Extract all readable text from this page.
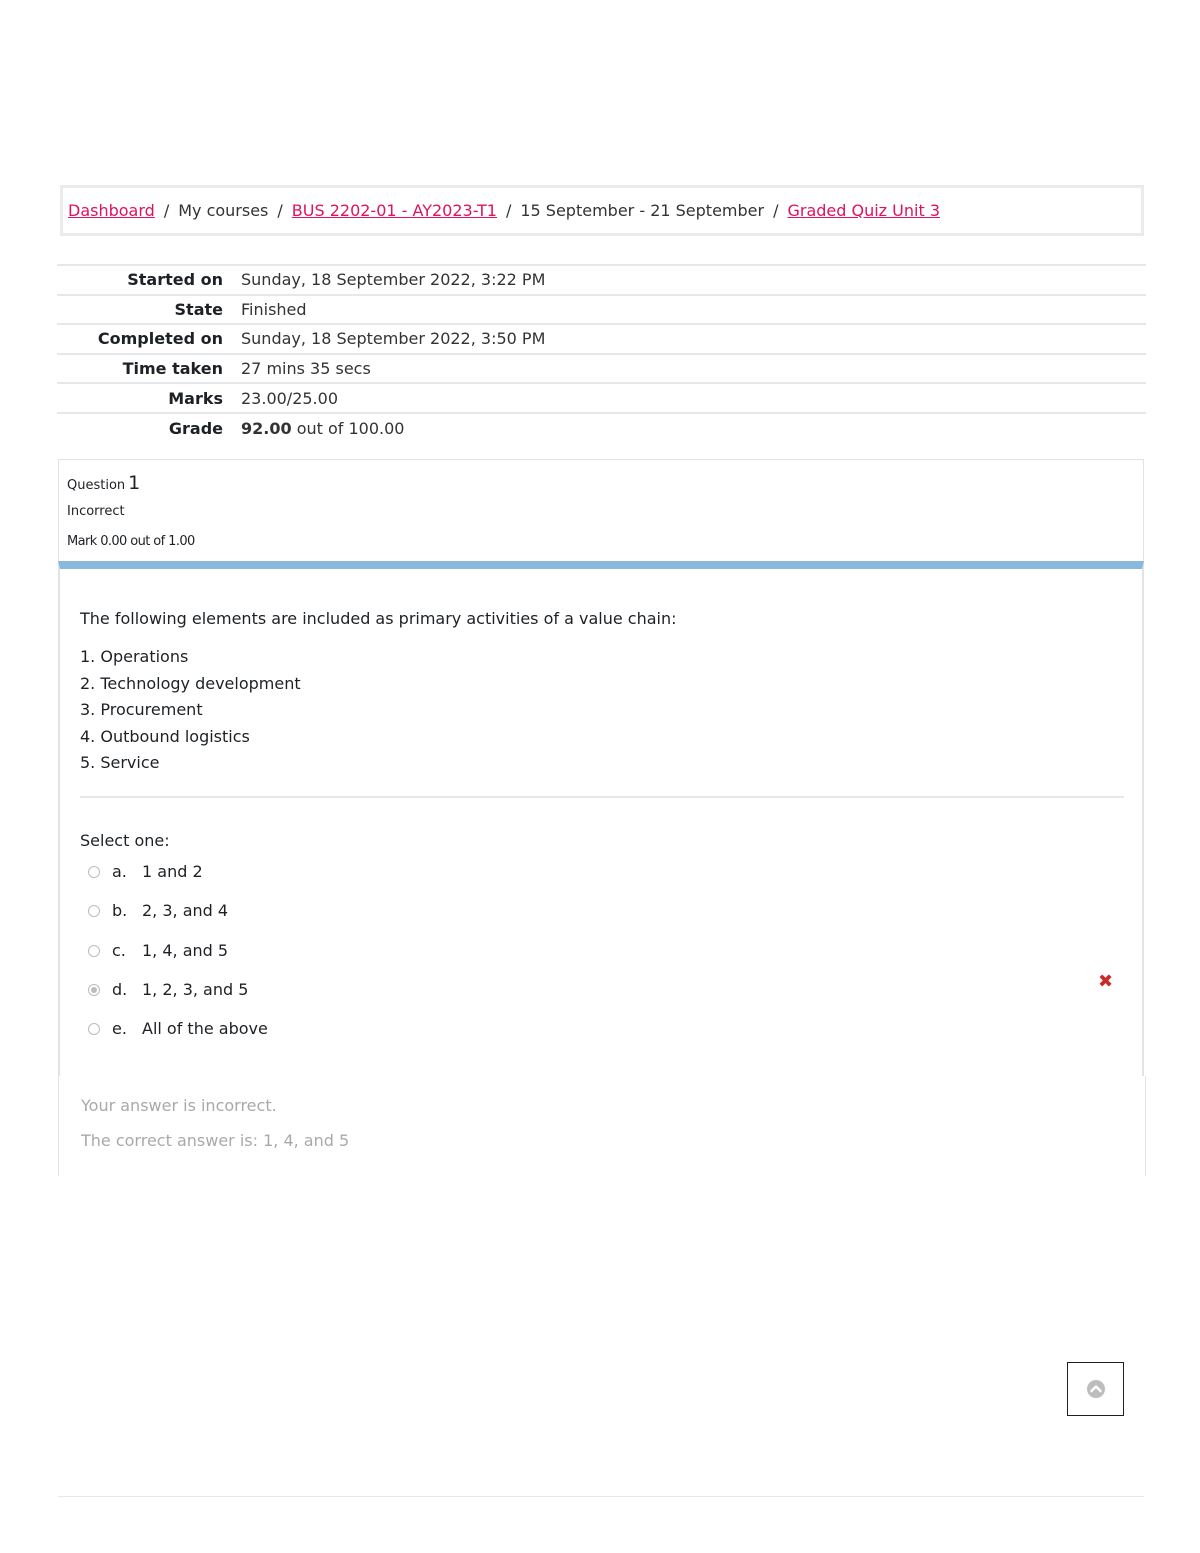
Dashboard / My courses / BUS 2202-01 - AY2023-T1 / 15 September - 21 September / Graded Quiz Unit 3
Started on	Sunday, 18 September 2022, 3:22 PM
State	Finished
Completed on	Sunday, 18 September 2022, 3:50 PM
Time taken	27 mins 35 secs
Marks	23.00/25.00
Grade	92.00 out of 100.00
Question 1
Incorrect
Mark 0.00 out of 1.00
The following elements are included as primary activities of a value chain:
1. Operations
2. Technology development
3. Procurement
4. Outbound logistics
5. Service
Select one:
a. 1 and 2
b. 2, 3, and 4
c.	1, 4, and 5
d. 1, 2, 3, and 5
e. All of the above
✖
Your answer is incorrect.
The correct answer is: 1, 4, and 5
